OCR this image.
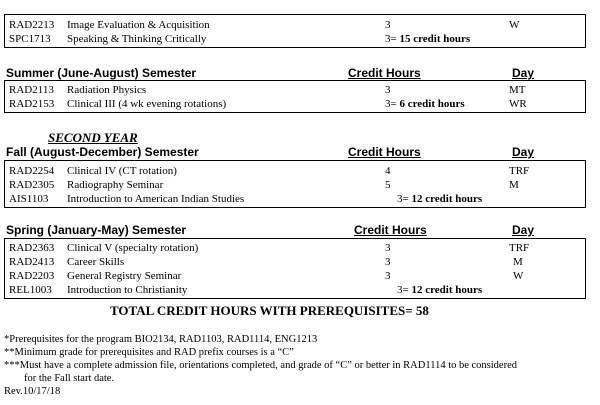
RAD2213 Image Evaluation & Acquisition	3	W
SPC1713 Speaking & Thinking Critically	3= 15 credit hours
Summer (June-August) Semester	Credit Hours	Day
RAD2113 Radiation Physics	3	MT
RAD2153 Clinical III (4 wk evening rotations)	3= 6 credit hours	WR
SECOND YEAR
Fall (August-December) Semester	Credit Hours	Day
RAD2254 Clinical IV (CT rotation)	4	TRF
RAD2305 Radiography Seminar	5	M
AIS1103 Introduction to American Indian Studies	3= 12 credit hours
Spring (January-May) Semester	Credit Hours	Day
RAD2363 Clinical V (specialty rotation)	3	TRF
RAD2413 Career Skills	3	M
RAD2203 General Registry Seminar	3	W
REL1003 Introduction to Christianity	3= 12 credit hours
TOTAL CREDIT HOURS WITH PREREQUISITES= 58
*Prerequisites for the program BIO2134, RAD1103, RAD1114, ENG1213
**Minimum grade for prerequisites and RAD prefix courses is a “C”
***Must have a complete admission file, orientations completed, and grade of “C” or better in RAD1114 to be considered
for the Fall start date.
Rev.10/17/18
